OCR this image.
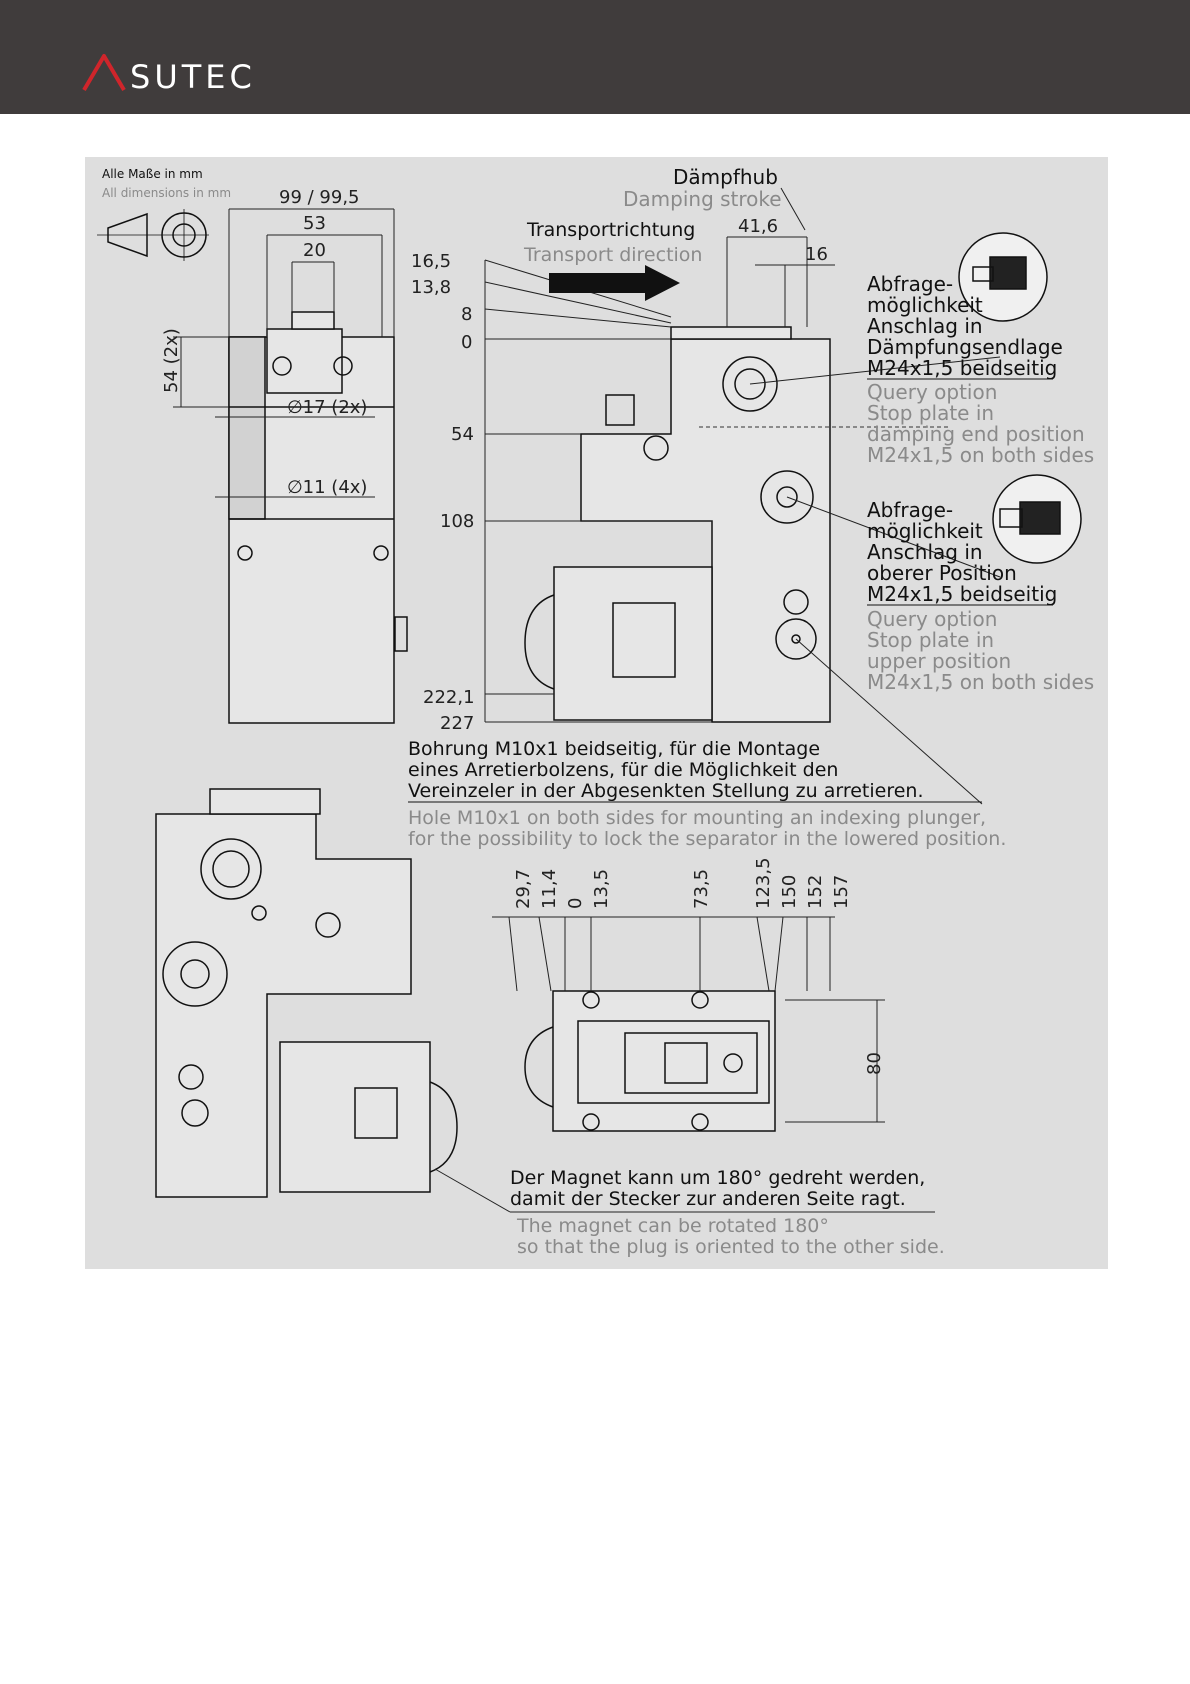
SUTEC
Alle Maße in mm
All dimensions in mm	99 / 99,5
53
20
54 (2x)
∅17 (2x)
∅11 (4x)
16,5
13,8
8
0
54
108
222,1
227
41,6
16
Dämpfhub
Damping stroke
Transportrichtung
Transport direction
Abfrage-
möglichkeit
Anschlag in
Dämpfungsendlage
M24x1,5 beidseitig
Query option
Stop plate in
damping end position
M24x1,5 on both sides
Abfrage-
möglichkeit
Anschlag in
oberer Position
M24x1,5 beidseitig
Query option
Stop plate in
upper position
M24x1,5 on both sides
Bohrung M10x1 beidseitig, für die Montage
eines Arretierbolzens, für die Möglichkeit den
Vereinzeler in der Abgesenkten Stellung zu arretieren.
Hole M10x1 on both sides for mounting an indexing plunger,
for the possibility to lock the separator in the lowered position.
29,7 11,4 0 13,5	73,5 123,5 150 152 157
80
Der Magnet kann um 180° gedreht werden,
damit der Stecker zur anderen Seite ragt.
The magnet can be rotated 180°
so that the plug is oriented to the other side.
